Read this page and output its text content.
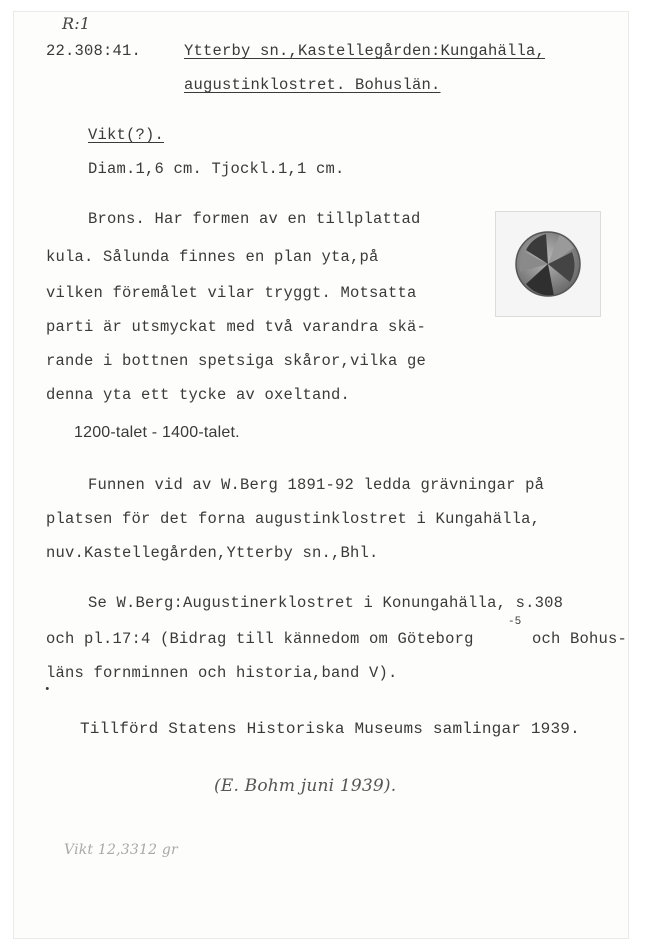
R:1
22.308:41.	Ytterby sn.,Kastellegården:Kungahälla,
augustinklostret. Bohuslän.
Vikt(?).
Diam.1,6 cm. Tjockl.1,1 cm.
Brons. Har formen av en tillplattad
kula. Sålunda finnes en plan yta,på
vilken föremålet vilar tryggt. Motsatta
parti är utsmyckat med två varandra skä-
rande i bottnen spetsiga skåror,vilka ge
denna yta ett tycke av oxeltand.
1200-talet - 1400-talet.
Funnen vid av W.Berg 1891-92 ledda grävningar på
platsen för det forna augustinklostret i Kungahälla,
nuv.Kastellegården,Ytterby sn.,Bhl.
Se W.Berg:Augustinerklostret i Konungahälla, s.308
och pl.17:4 (Bidrag till kännedom om Göteborg
-5
och Bohus-
läns fornminnen och historia,band V).
•
Tillförd Statens Historiska Museums samlingar 1939.
(E. Bohm juni 1939).
Vikt 12,3312 gr
